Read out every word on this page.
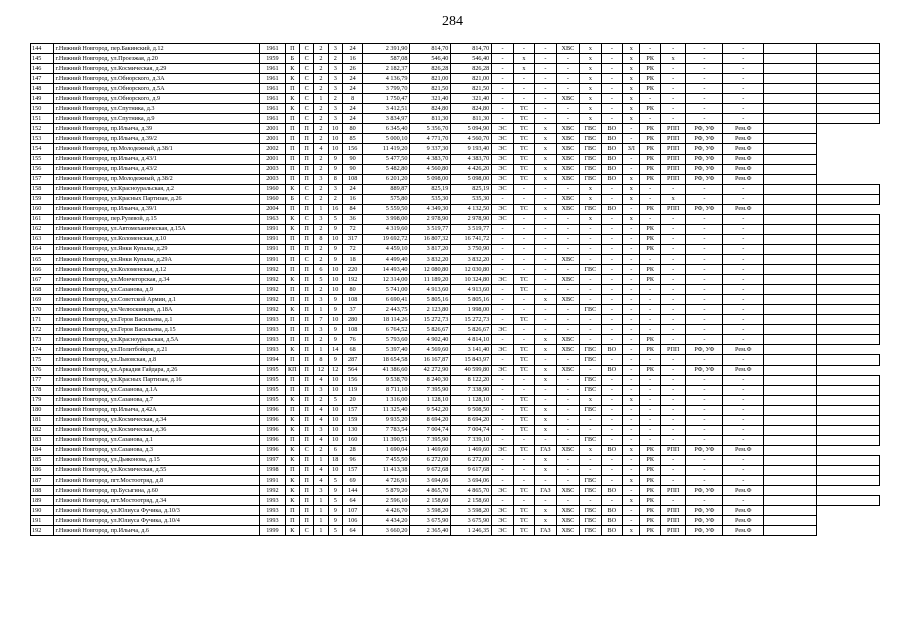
284
144	г.Нижний Новгород, пер.Бакинский, д.12	1961	П	С	2	3	24	2 391,90	814,70	814,70	-	-	-	ХВС	х	-	х	-	-	-	-		
145	г.Нижний Новгород, ул.Проезжая, д.20	1959	Б	С	2	2	16	587,08	546,40	546,40	-	х	-	-	х	-	х	РК	х	-	-		
146	г.Нижний Новгород, ул.Космическая, д.29	1961	К	С	2	3	26	2 182,37	826,28	826,28	-	х	-	-	х	-	х	РК	-	-	-		
147	г.Нижний Новгород, ул.Обнорского, д.3А	1961	К	С	2	3	24	4 136,79	821,00	821,00	-	-	-	-	х	-	х	РК	-	-	-		
148	г.Нижний Новгород, ул.Обнорского, д.5А	1961	П	С	2	3	24	3 799,70	821,50	821,50	-	-	-	-	х	-	х	РК	-	-	-		
149	г.Нижний Новгород, ул.Обнорского, д.9	1961	К	С	1	2	8	1 750,47	321,40	321,40	-	-	-	ХВС	х	-	х	-	-	-	-		
150	г.Нижний Новгород, ул.Спутника, д.3	1961	К	С	2	3	24	3 412,51	824,80	824,80	-	ТС	-	-	х	-	х	РК	-	-	-		
151	г.Нижний Новгород, ул.Спутника, д.9	1961	П	С	2	3	24	3 834,97	811,30	811,30	-	ТС	-	-	х	-	х	-	-	-	-		
152	г.Нижний Новгород, пр.Ильича, д.39	2001	П	П	2	10	80	6 345,40	5 356,70	5 094,90	ЭС	ТС	х	ХВС	ГВС	ВО	-	РК	РПП	РФ, УФ	Рем.Ф		
153	г.Нижний Новгород, пр.Ильича, д.39/2	2001	П	П	2	10	85	5 000,10	4 771,70	4 560,70	ЭС	ТС	х	ХВС	ГВС	ВО	-	РК	РПП	РФ, УФ	Рем.Ф		
154	г.Нижний Новгород, пр.Молодежный, д.38/1	2002	П	П	4	10	156	11 419,20	9 337,30	9 193,40	ЭС	ТС	х	ХВС	ГВС	ВО	ЗЛ	РК	РПП	РФ, УФ	Рем.Ф		
155	г.Нижний Новгород, пр.Ильича, д.43/1	2001	П	П	2	9	90	5 477,50	4 383,70	4 383,70	ЭС	ТС	х	ХВС	ГВС	ВО	-	РК	РПП	РФ, УФ	Рем.Ф		
156	г.Нижний Новгород, пр.Ильича, д.43/2	2003	П	П	2	9	90	5 482,80	4 560,80	4 426,20	ЭС	ТС	х	ХВС	ГВС	ВО	-	РК	РПП	РФ, УФ	Рем.Ф		
157	г.Нижний Новгород, пр.Молодежный, д.38/2	2003	П	П	3	8	108	6 201,20	5 098,00	5 098,00	ЭС	ТС	х	ХВС	ГВС	ВО	х	РК	РПП	РФ, УФ	Рем.Ф		
158	г.Нижний Новгород, ул.Красноуральская, д.2	1960	К	С	2	3	24	889,87	825,19	825,19	ЭС	-	-	-	х	-	х	-	-	-	-		
159	г.Нижний Новгород, ул.Красных Партизан, д.26	1960	Б	С	2	2	16	575,80	535,30	535,30	-	-	-	ХВС	х	-	х	-	х	-	-		
160	г.Нижний Новгород, пр.Ильича, д.39/1	2004	П	П	1	16	84	5 559,50	4 349,30	4 132,50	ЭС	ТС	х	ХВС	ГВС	ВО	-	РК	РПП	РФ, УФ	Рем.Ф		
161	г.Нижний Новгород, пер.Рулевой, д.15	1963	К	С	3	5	36	3 998,00	2 978,90	2 978,90	ЭС	-	-	-	х	-	х	-	-	-	-		
162	г.Нижний Новгород, ул.Автомеханическая, д.15А	1991	К	П	2	9	72	4 319,60	3 519,77	3 519,77	-	-	-	-	-	-	-	РК	-	-	-		
163	г.Нижний Новгород, ул.Коломенская, д.10	1991	П	П	8	10	317	19 692,72	16 807,32	16 741,72	-	-	-	-	-	-	-	РК	-	-	-		
164	г.Нижний Новгород, ул.Янки Купалы, д.29	1991	П	П	2	9	72	4 459,10	3 817,20	3 750,90	-	-	-	-	-	-	-	РК	-	-	-		
165	г.Нижний Новгород, ул.Янки Купалы, д.29А	1991	П	С	2	9	18	4 499,40	3 832,20	3 832,20	-	-	-	ХВС	-	-	-	-	-	-	-		
166	г.Нижний Новгород, ул.Коломенская, д.12	1992	П	П	6	10	220	14 493,40	12 080,80	12 030,80	-	-	-	-	ГВС	-	-	РК	-	-	-		
167	г.Нижний Новгород, ул.Мончегорская, д.34	1992	К	П	5	10	192	12 314,00	11 189,20	10 324,80	ЭС	ТС	-	ХВС	-	-	-	РК	-	-	-		
168	г.Нижний Новгород, ул.Сазанова, д.9	1992	П	П	2	10	80	5 741,00	4 913,60	4 913,60	-	ТС	-	-	-	-	-	-	-	-	-		
169	г.Нижний Новгород, ул.Советской Армии, д.1	1992	П	П	3	9	108	6 690,41	5 805,16	5 805,16	-	-	х	ХВС	-	-	-	-	-	-	-		
170	г.Нижний Новгород, ул.Челюскинцев, д.18А	1992	К	П	1	9	37	2 443,75	2 123,80	1 998,00	-	-	-	-	ГВС	-	-	-	-	-	-		
171	г.Нижний Новгород, ул.Героя Васильева, д.1	1993	П	П	7	10	280	18 114,26	15 272,73	15 272,73	-	ТС	-	-	-	-	-	-	-	-	-		
172	г.Нижний Новгород, ул.Героя Васильева, д.15	1993	П	П	3	9	108	6 764,52	5 826,67	5 826,67	ЭС	-	-	-	-	-	-	-	-	-	-		
173	г.Нижний Новгород, ул.Красноуральская, д.5А	1993	П	П	2	9	76	5 793,60	4 902,40	4 814,10	-	-	х	ХВС	-	-	-	РК	-	-	-		
174	г.Нижний Новгород, ул.Политбойцов, д.21	1993	К	П	1	14	68	5 397,40	4 569,60	3 141,40	ЭС	ТС	х	ХВС	ГВС	ВО	-	РК	РПП	РФ, УФ	Рем.Ф		
175	г.Нижний Новгород, ул.Львовская, д.8	1994	П	П	8	9	287	18 654,58	16 167,87	15 843,97	-	ТС	-	-	ГВС	-	-	-	-	-	-		
176	г.Нижний Новгород, ул.Аркадия Гайдара, д.26	1995	КП	П	12	12	564	41 386,60	42 272,90	40 599,80	ЭС	ТС	х	ХВС	-	ВО	-	РК	-	РФ, УФ	Рем.Ф		
177	г.Нижний Новгород, ул.Красных Партизан, д.16	1995	П	П	4	10	156	9 538,70	8 240,30	8 122,20	-	-	х	-	ГВС	-	-	-	-	-	-		
178	г.Нижний Новгород, ул.Сазанова, д.1А	1995	П	П	3	10	119	8 711,10	7 395,90	7 338,90	-	-	-	-	ГВС	-	-	-	-	-	-		
179	г.Нижний Новгород, ул.Сазанова, д.7	1995	К	П	2	5	20	1 316,00	1 128,10	1 128,10	-	ТС	-	-	х	-	х	-	-	-	-		
180	г.Нижний Новгород, пр.Ильича, д.42А	1996	П	П	4	10	157	11 325,40	9 542,20	9 508,50	-	ТС	х	-	ГВС	-	-	-	-	-	-		
181	г.Нижний Новгород, ул.Космическая, д.34	1996	К	П	4	10	159	9 935,20	8 694,20	8 694,20	-	ТС	х	-	-	-	-	-	-	-	-		
182	г.Нижний Новгород, ул.Космическая, д.36	1996	К	П	3	10	130	7 783,54	7 004,74	7 004,74	-	ТС	х	-	-	-	-	-	-	-	-		
183	г.Нижний Новгород, ул.Сазанова, д.1	1996	П	П	4	10	160	11 390,51	7 395,90	7 339,10	-	-	-	-	ГВС	-	-	-	-	-	-		
184	г.Нижний Новгород, ул.Сазанова, д.3	1996	К	С	2	6	28	1 690,04	1 469,60	1 469,60	ЭС	ТС	ГАЗ	ХВС	х	ВО	х	РК	РПП	РФ, УФ	Рем.Ф		
185	г.Нижний Новгород, ул.Дьяконова, д.15	1997	К	П	1	18	96	7 455,50	6 272,00	6 272,00	-	-	х	-	-	-	-	РК	-	-	-		
186	г.Нижний Новгород, ул.Космическая, д.55	1998	П	П	4	10	157	11 413,38	9 672,68	9 617,68	-	-	х	-	-	-	-	РК	-	-	-		
187	г.Нижний Новгород, пгт.Мостоотряд, д.8	1991	К	П	4	5	69	4 726,91	3 694,06	3 694,06	-	-	-	-	ГВС	-	х	РК	-	-	-		
188	г.Нижний Новгород, пр.Бусыгина, д.60	1992	К	П	3	9	144	5 879,20	4 865,70	4 865,70	ЭС	ТС	ГАЗ	ХВС	ГВС	ВО	-	РК	РПП	РФ, УФ	Рем.Ф		
189	г.Нижний Новгород, пгт.Мостоотряд, д.34	1993	К	П	1	5	64	2 596,10	2 158,60	2 158,60	-	-	-	-	-	-	х	РК	-	-	-		
190	г.Нижний Новгород, ул.Юлиуса Фучика, д.10/3	1993	П	П	1	9	107	4 426,70	3 598,20	3 598,20	ЭС	ТС	х	ХВС	ГВС	ВО	-	РК	РПП	РФ, УФ	Рем.Ф		
191	г.Нижний Новгород, ул.Юлиуса Фучика, д.10/4	1993	П	П	1	9	106	4 434,20	3 675,90	3 675,90	ЭС	ТС	х	ХВС	ГВС	ВО	-	РК	РПП	РФ, УФ	Рем.Ф		
192	г.Нижний Новгород, пр.Ильича, д.6	1999	К	С	1	5	64	3 660,20	2 365,40	1 246,35	ЭС	ТС	ГАЗ	ХВС	ГВС	ВО	х	РК	РПП	РФ, УФ	Рем.Ф		
